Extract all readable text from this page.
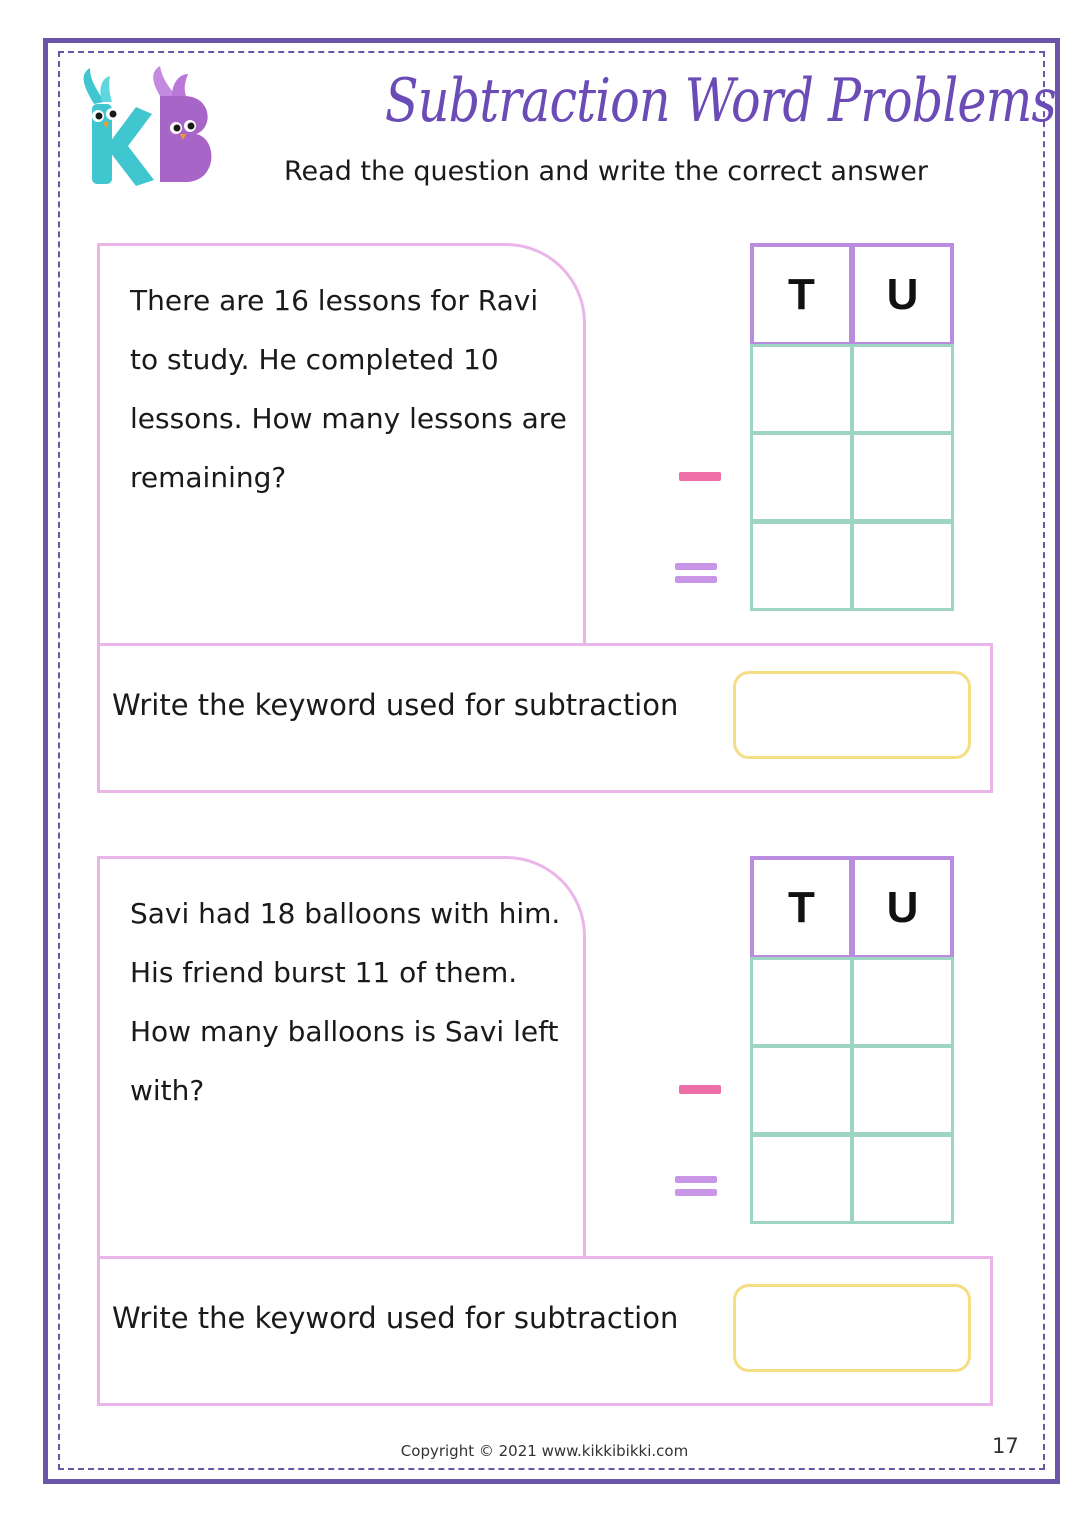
Subtraction Word Problems
Read the question and write the correct answer
There are 16 lessons for Ravi to study. He completed 10 lessons. How many lessons are remaining?
T	U
Write the keyword used for subtraction
Savi had 18 balloons with him. His friend burst 11 of them. How many balloons is Savi left with?
T	U
Write the keyword used for subtraction
Copyright © 2021 www.kikkibikki.com	17
